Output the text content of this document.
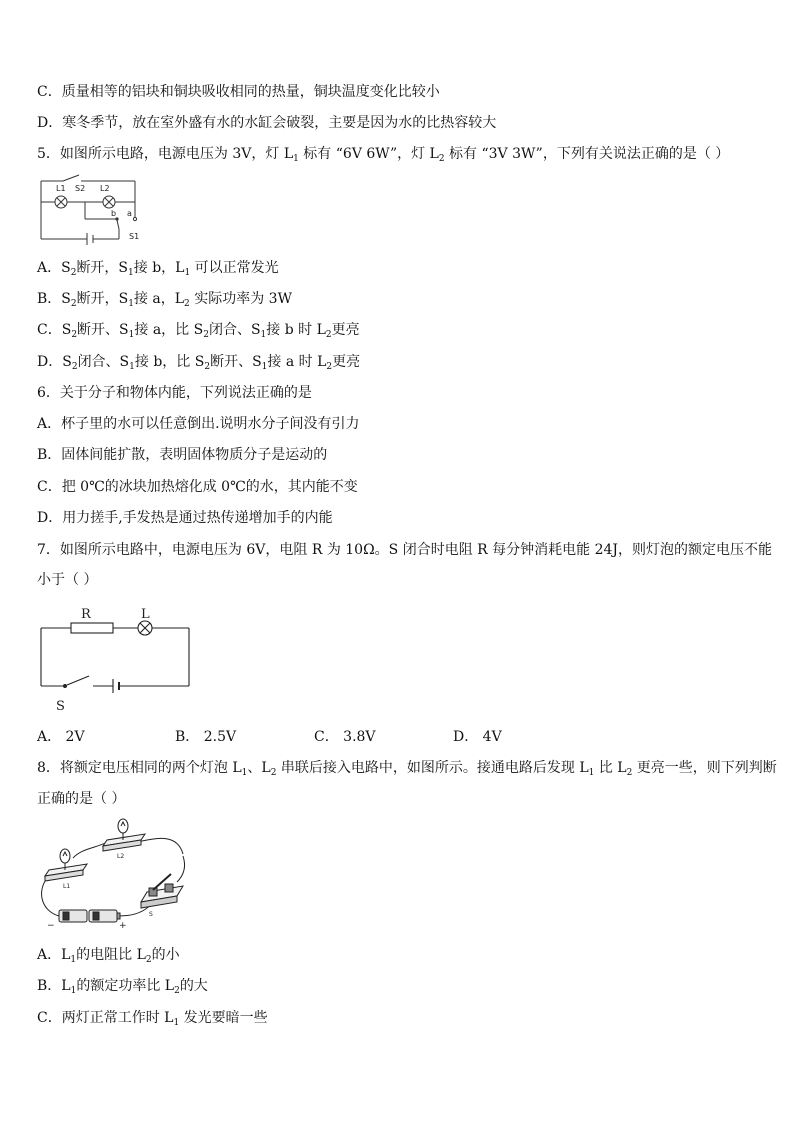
C．质量相等的铝块和铜块吸收相同的热量，铜块温度变化比较小
D．寒冬季节，放在室外盛有水的水缸会破裂，主要是因为水的比热容较大
5．如图所示电路，电源电压为 3V，灯 $L_1$ 标有 “6V 6W”，灯 $L_2$ 标有 “3V 3W”，下列有关说法正确的是（ ）
L1 S2 L2
b a
S1
A．$S_2$断开，$S_1$接 b，$L_1$ 可以正常发光
B．$S_2$断开，$S_1$接 a，$L_2$ 实际功率为 3W
C．$S_2$断开、$S_1$接 a，比 $S_2$闭合、$S_1$接 b 时 $L_2$更亮
D．$S_2$闭合、$S_1$接 b，比 $S_2$断开、$S_1$接 a 时 $L_2$更亮
6．关于分子和物体内能，下列说法正确的是
A．杯子里的水可以任意倒出.说明水分子间没有引力
B．固体间能扩散，表明固体物质分子是运动的
C．把 0℃的冰块加热熔化成 0℃的水，其内能不变
D．用力搓手,手发热是通过热传递增加手的内能
7．如图所示电路中，电源电压为 6V，电阻 R 为 10Ω。S 闭合时电阻 R 每分钟消耗电能 24J，则灯泡的额定电压不能
小于（ ）
R	L
S
A． 2V	B． 2.5V	C． 3.8V	D． 4V
8．将额定电压相同的两个灯泡 $L_1$、$L_2$ 串联后接入电路中，如图所示。接通电路后发现 $L_1$ 比 $L_2$ 更亮一些，则下列判断
正确的是（ ）
L1
L2
S
−	+
A．$L_1$的电阻比 $L_2$的小
B．$L_1$的额定功率比 $L_2$的大
C．两灯正常工作时 $L_1$ 发光要暗一些
